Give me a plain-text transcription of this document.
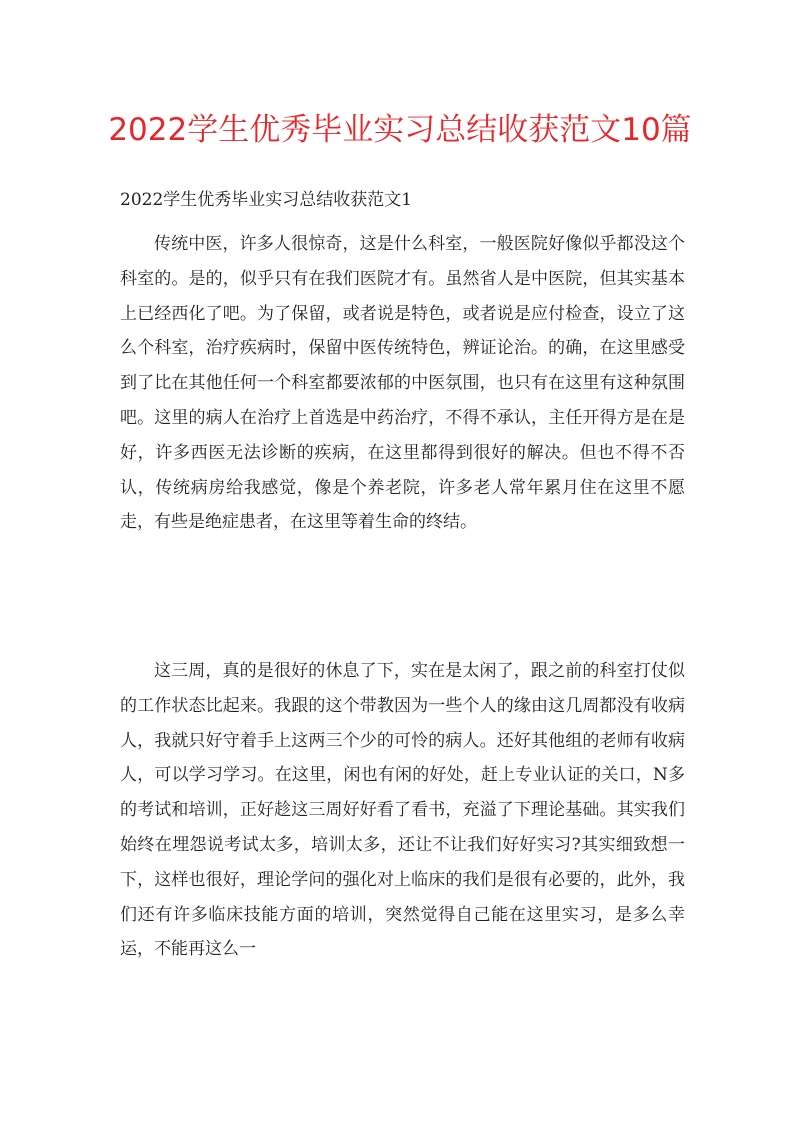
2022学生优秀毕业实习总结收获范文10篇

2022学生优秀毕业实习总结收获范文1

传统中医，许多人很惊奇，这是什么科室，一般医院好像似乎都没这个科室的。是的，似乎只有在我们医院才有。虽然省人是中医院，但其实基本上已经西化了吧。为了保留，或者说是特色，或者说是应付检查，设立了这么个科室，治疗疾病时，保留中医传统特色，辨证论治。的确，在这里感受到了比在其他任何一个科室都要浓郁的中医氛围，也只有在这里有这种氛围吧。这里的病人在治疗上首选是中药治疗，不得不承认，主任开得方是在是好，许多西医无法诊断的疾病，在这里都得到很好的解决。但也不得不否认，传统病房给我感觉，像是个养老院，许多老人常年累月住在这里不愿走，有些是绝症患者，在这里等着生命的终结。

这三周，真的是很好的休息了下，实在是太闲了，跟之前的科室打仗似的工作状态比起来。我跟的这个带教因为一些个人的缘由这几周都没有收病人，我就只好守着手上这两三个少的可怜的病人。还好其他组的老师有收病人，可以学习学习。在这里，闲也有闲的好处，赶上专业认证的关口，N多的考试和培训，正好趁这三周好好看了看书，充溢了下理论基础。其实我们始终在埋怨说考试太多，培训太多，还让不让我们好好实习?其实细致想一下，这样也很好，理论学问的强化对上临床的我们是很有必要的，此外，我们还有许多临床技能方面的培训，突然觉得自己能在这里实习，是多么幸运，不能再这么一
